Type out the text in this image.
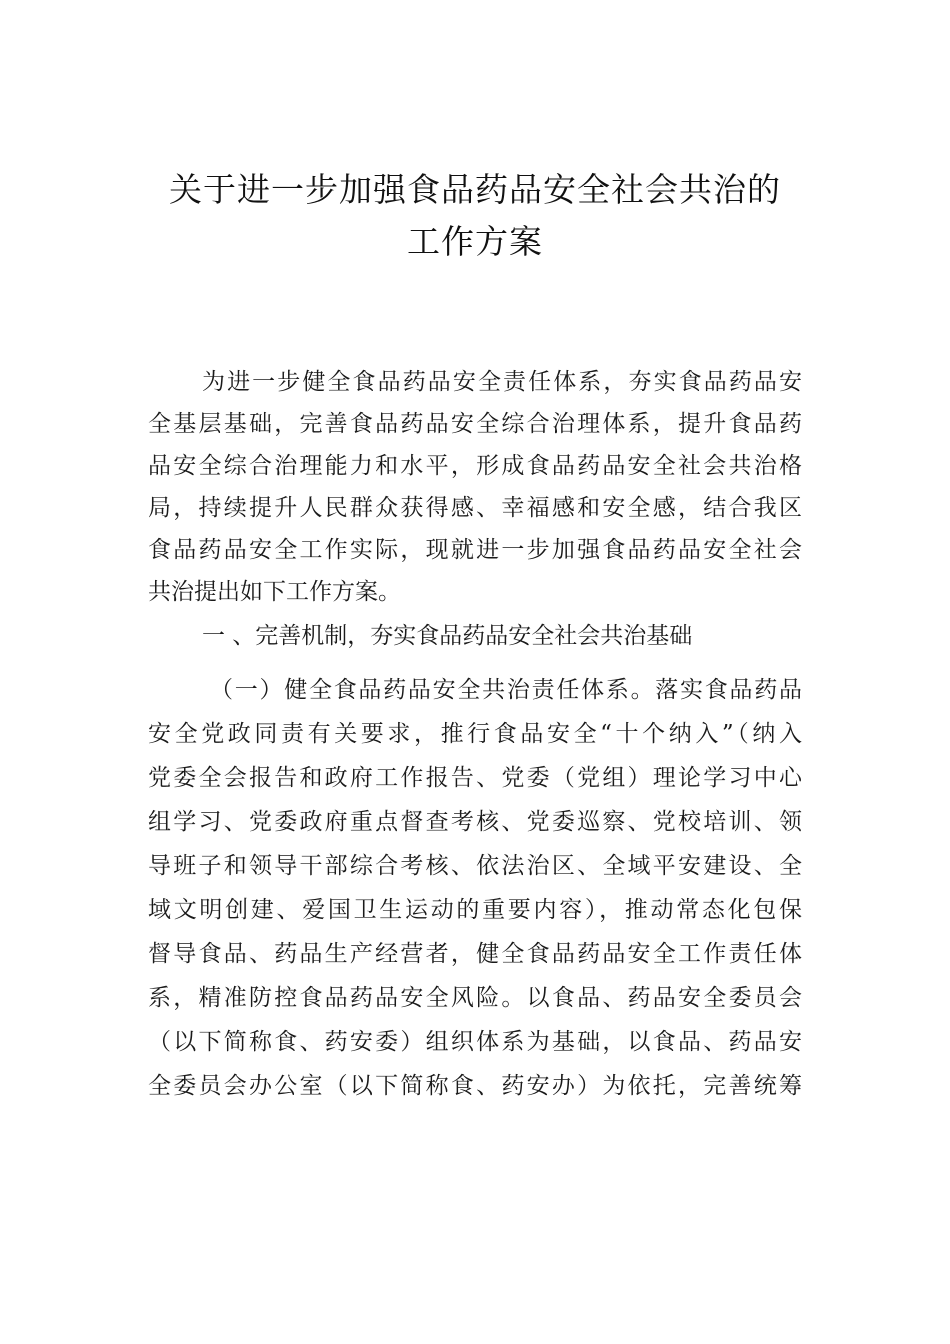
关于进一步加强食品药品安全社会共治的
工作方案
为进一步健全食品药品安全责任体系，夯实食品药品安
全基层基础，完善食品药品安全综合治理体系，提升食品药
品安全综合治理能力和水平，形成食品药品安全社会共治格
局，持续提升人民群众获得感、幸福感和安全感，结合我区
食品药品安全工作实际，现就进一步加强食品药品安全社会
共治提出如下工作方案。
一 、完善机制，夯实食品药品安全社会共治基础
（一）健全食品药品安全共治责任体系。落实食品药品
安全党政同责有关要求，推行食品安全“十个纳入”（纳入
党委全会报告和政府工作报告、党委（党组）理论学习中心
组学习、党委政府重点督查考核、党委巡察、党校培训、领
导班子和领导干部综合考核、依法治区、全域平安建设、全
域文明创建、爱国卫生运动的重要内容），推动常态化包保
督导食品、药品生产经营者，健全食品药品安全工作责任体
系，精准防控食品药品安全风险。以食品、药品安全委员会
（以下简称食、药安委）组织体系为基础，以食品、药品安
全委员会办公室（以下简称食、药安办）为依托，完善统筹
